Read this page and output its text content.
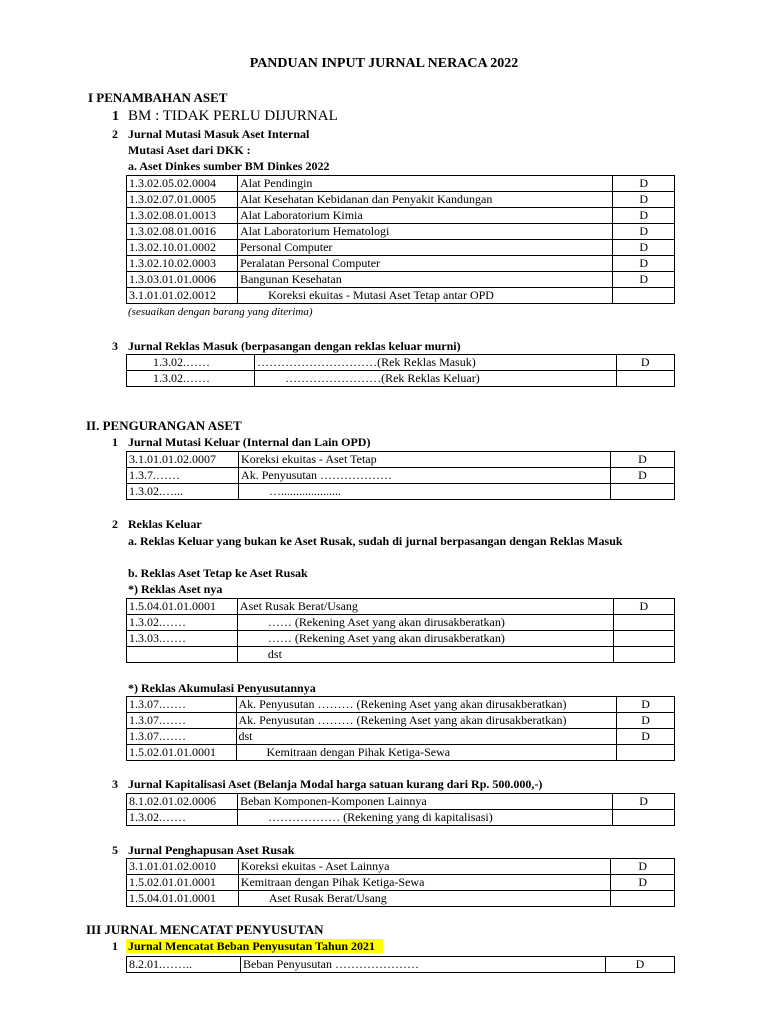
PANDUAN INPUT JURNAL NERACA 2022
I PENAMBAHAN ASET
1 BM : TIDAK PERLU DIJURNAL
2 Jurnal Mutasi Masuk Aset Internal
Mutasi Aset dari DKK :
a. Aset Dinkes sumber BM Dinkes 2022
1.3.02.05.02.0004	Alat Pendingin	D
1.3.02.07.01.0005	Alat Kesehatan Kebidanan dan Penyakit Kandungan	D
1.3.02.08.01.0013	Alat Laboratorium Kimia	D
1.3.02.08.01.0016	Alat Laboratorium Hematologi	D
1.3.02.10.01.0002	Personal Computer	D
1.3.02.10.02.0003	Peralatan Personal Computer	D
1.3.03.01.01.0006	Bangunan Kesehatan	D
3.1.01.01.02.0012	Koreksi ekuitas - Mutasi Aset Tetap antar OPD	
(sesuaikan dengan barang yang diterima)
3 Jurnal Reklas Masuk (berpasangan dengan reklas keluar murni)
1.3.02.……	…………………………(Rek Reklas Masuk)	D
1.3.02.……	……………………(Rek Reklas Keluar)	
II. PENGURANGAN ASET
1 Jurnal Mutasi Keluar (Internal dan Lain OPD)
3.1.01.01.02.0007	Koreksi ekuitas - Aset Tetap	D
1.3.7.……	Ak. Penyusutan ………………	D
1.3.02.…...	…....................	
2 Reklas Keluar
a. Reklas Keluar yang bukan ke Aset Rusak, sudah di jurnal berpasangan dengan Reklas Masuk
b. Reklas Aset Tetap ke Aset Rusak
*) Reklas Aset nya
1.5.04.01.01.0001	Aset Rusak Berat/Usang	D
1.3.02.……	…… (Rekening Aset yang akan dirusakberatkan)	
1.3.03.……	…… (Rekening Aset yang akan dirusakberatkan)	
	dst	
*) Reklas Akumulasi Penyusutannya
1.3.07.……	Ak. Penyusutan ……… (Rekening Aset yang akan dirusakberatkan)	D
1.3.07.……	Ak. Penyusutan ……… (Rekening Aset yang akan dirusakberatkan)	D
1.3.07.……	dst	D
1.5.02.01.01.0001	Kemitraan dengan Pihak Ketiga-Sewa	
3 Jurnal Kapitalisasi Aset (Belanja Modal harga satuan kurang dari Rp. 500.000,-)
8.1.02.01.02.0006	Beban Komponen-Komponen Lainnya	D
1.3.02.……	……………… (Rekening yang di kapitalisasi)	
5 Jurnal Penghapusan Aset Rusak
3.1.01.01.02.0010	Koreksi ekuitas - Aset Lainnya	D
1.5.02.01.01.0001	Kemitraan dengan Pihak Ketiga-Sewa	D
1.5.04.01.01.0001	Aset Rusak Berat/Usang	
III JURNAL MENCATAT PENYUSUTAN
1 Jurnal Mencatat Beban Penyusutan Tahun 2021
8.2.01.……..	Beban Penyusutan …………………	D
